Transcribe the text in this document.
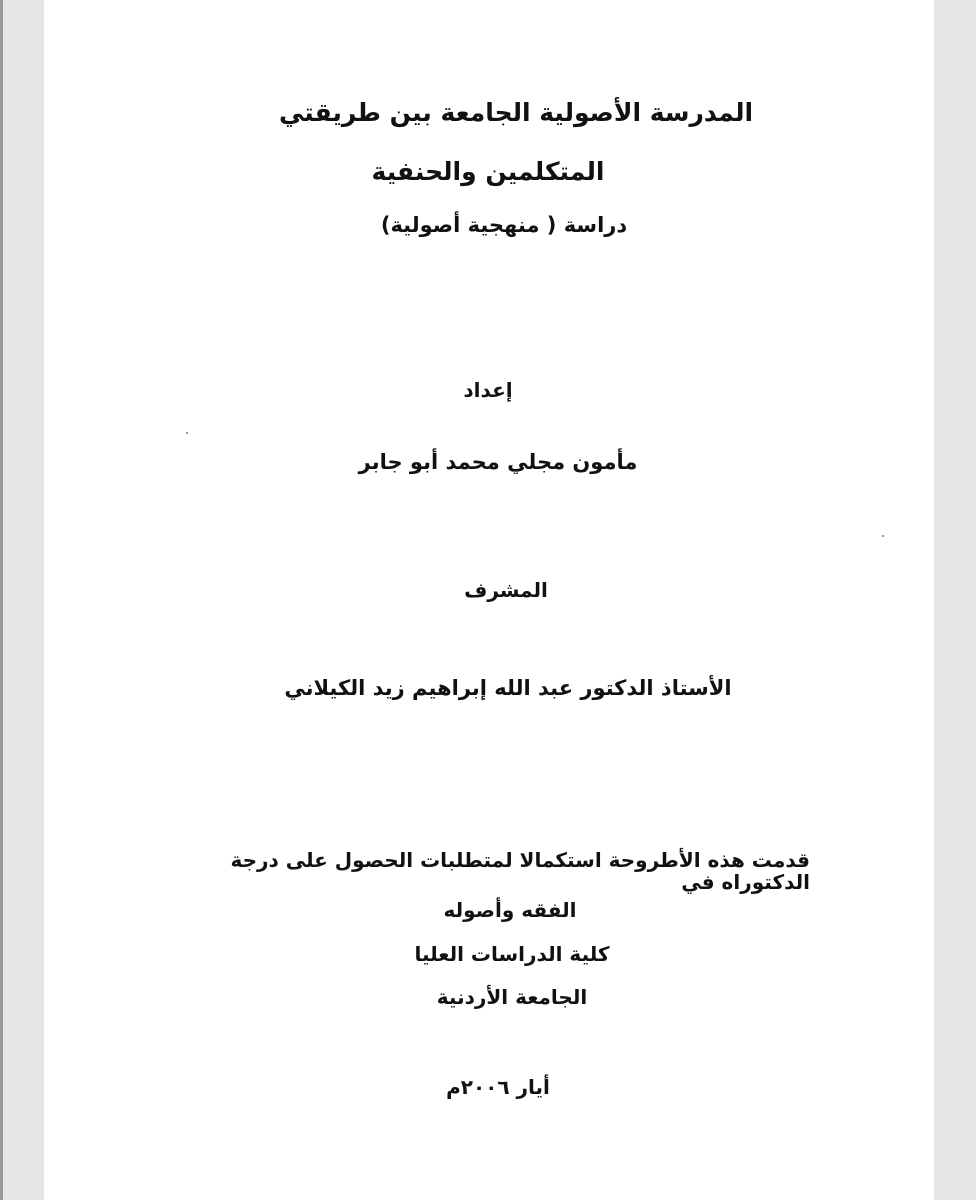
المدرسة الأصولية الجامعة بين طريقتي
المتكلمين والحنفية
دراسة ( منهجية أصولية)
إعداد
مأمون مجلي محمد أبو جابر
المشرف
الأستاذ الدكتور عبد الله إبراهيم زيد الكيلاني
قدمت هذه الأطروحة استكمالا لمتطلبات الحصول على درجة الدكتوراه في
الفقه وأصوله
كلية الدراسات العليا
الجامعة الأردنية
أيار ٢٠٠٦م
